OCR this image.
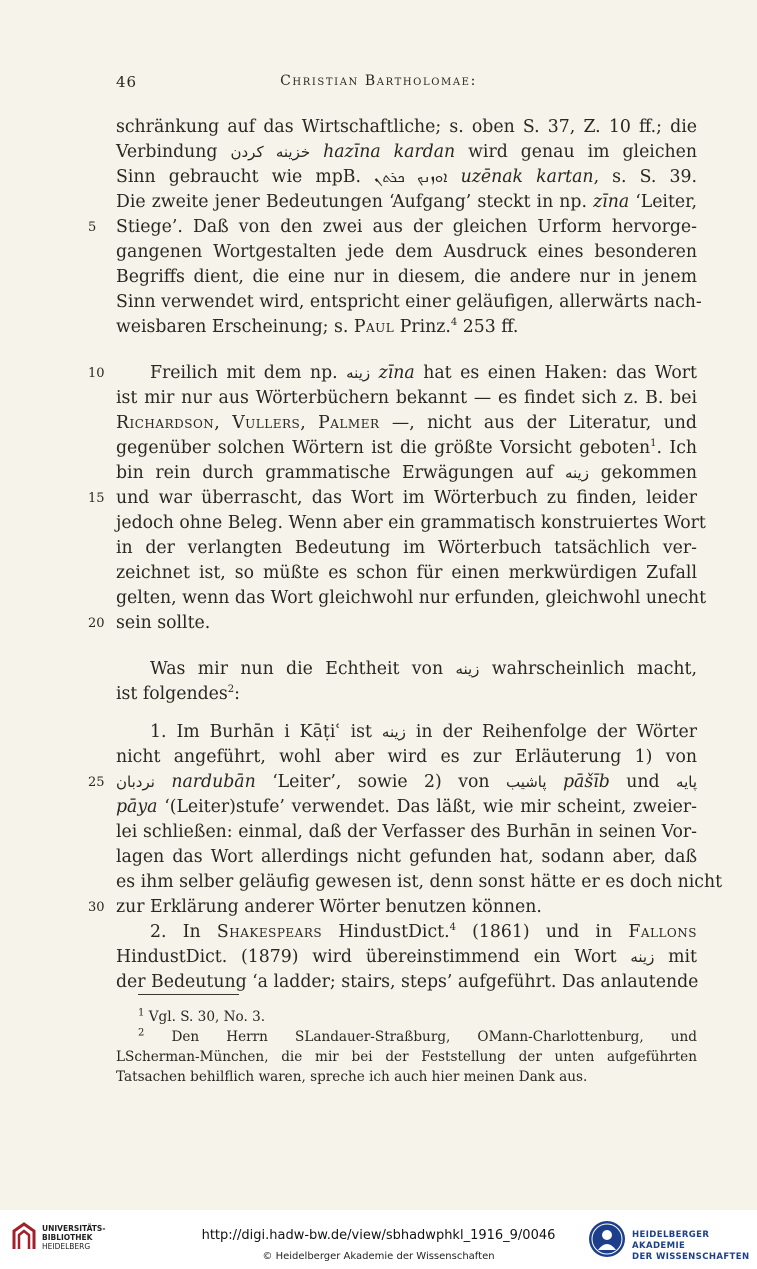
46	Christian Bartholomae:
schränkung auf das Wirtschaftliche; s. oben S. 37, Z. 10 ff.; die
Verbindung خزينه كردن hazīna kardan wird genau im gleichen
Sinn gebraucht wie mpB. ܐܘܙܢܟ ܟܪܬܢ uzēnak kartan, s. S. 39.
Die zweite jener Bedeutungen ‘Aufgang’ steckt in np. zīna ‘Leiter,
5	Stiege’. Daß von den zwei aus der gleichen Urform hervorge-
gangenen Wortgestalten jede dem Ausdruck eines besonderen
Begriffs dient, die eine nur in diesem, die andere nur in jenem
Sinn verwendet wird, entspricht einer geläufigen, allerwärts nach-
weisbaren Erscheinung; s. Paul Prinz.$^4$ 253 ff.
10	Freilich mit dem np. زينه zīna hat es einen Haken: das Wort
ist mir nur aus Wörterbüchern bekannt — es findet sich z. B. bei
Richardson, Vullers, Palmer —, nicht aus der Literatur, und
gegenüber solchen Wörtern ist die größte Vorsicht geboten$^1$. Ich
bin rein durch grammatische Erwägungen auf زينه gekommen
15 und war überrascht, das Wort im Wörterbuch zu finden, leider
jedoch ohne Beleg. Wenn aber ein grammatisch konstruiertes Wort
in der verlangten Bedeutung im Wörterbuch tatsächlich ver-
zeichnet ist, so müßte es schon für einen merkwürdigen Zufall
gelten, wenn das Wort gleichwohl nur erfunden, gleichwohl unecht
20 sein sollte.
Was mir nun die Echtheit von زينه wahrscheinlich macht,
ist folgendes$^2$:
1. Im Burhān i Kāṭiʿ ist زينه in der Reihenfolge der Wörter
nicht angeführt, wohl aber wird es zur Erläuterung 1) von
25 نردبان nardubān ‘Leiter’, sowie 2) von پاشيب pāšīb und پايه
pāya ‘(Leiter)stufe’ verwendet. Das läßt, wie mir scheint, zweier-
lei schließen: einmal, daß der Verfasser des Burhān in seinen Vor-
lagen das Wort allerdings nicht gefunden hat, sodann aber, daß
es ihm selber geläufig gewesen ist, denn sonst hätte er es doch nicht
30 zur Erklärung anderer Wörter benutzen können.
2. In Shakespears HindustDict.$^4$ (1861) und in Fallons
HindustDict. (1879) wird übereinstimmend ein Wort زينه mit
der Bedeutung ‘a ladder; stairs, steps’ aufgeführt. Das anlautende
$^1$ Vgl. S. 30, No. 3.
$^2$ Den Herrn SLandauer-Straßburg, OMann-Charlottenburg, und
LScherman-München, die mir bei der Feststellung der unten aufgeführten
Tatsachen behilflich waren, spreche ich auch hier meinen Dank aus.
UNIVERSITÄTS-
BIBLIOTHEK
HEIDELBERG
http://digi.hadw-bw.de/view/sbhadwphkl_1916_9/0046
© Heidelberger Akademie der Wissenschaften
HEIDELBERGER AKADEMIE
DER WISSENSCHAFTEN
